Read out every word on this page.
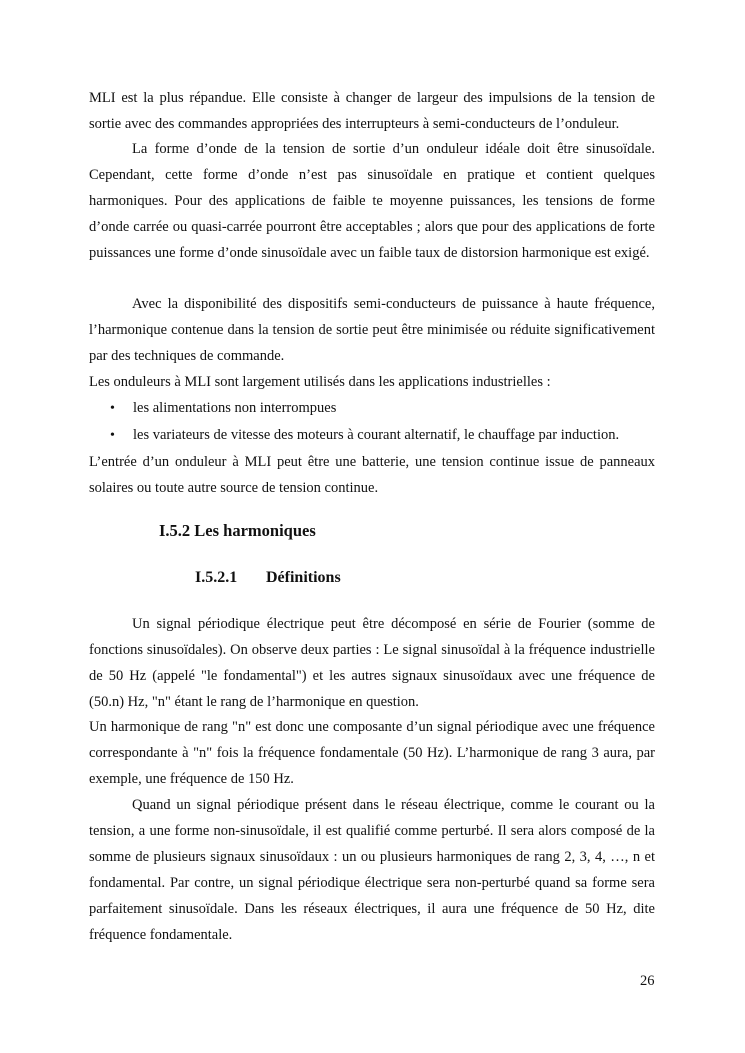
MLI est la plus répandue. Elle consiste à changer de largeur des impulsions de la tension de sortie avec des commandes appropriées des interrupteurs à semi-conducteurs de l’onduleur.

La forme d’onde de la tension de sortie d’un onduleur idéale doit être sinusoïdale. Cependant, cette forme d’onde n’est pas sinusoïdale en pratique et contient quelques harmoniques. Pour des applications de faible te moyenne puissances, les tensions de forme d’onde carrée ou quasi-carrée pourront être acceptables ; alors que pour des applications de forte puissances une forme d’onde sinusoïdale avec un faible taux de distorsion harmonique est exigé.

Avec la disponibilité des dispositifs semi-conducteurs de puissance à haute fréquence, l’harmonique contenue dans la tension de sortie peut être minimisée ou réduite significativement par des techniques de commande.

Les onduleurs à MLI sont largement utilisés dans les applications industrielles :

• les alimentations non interrompues
• les variateurs de vitesse des moteurs à courant alternatif, le chauffage par induction.

L’entrée d’un onduleur à MLI peut être une batterie, une tension continue issue de panneaux solaires ou toute autre source de tension continue.

I.5.2 Les harmoniques
I.5.2.1 Définitions

Un signal périodique électrique peut être décomposé en série de Fourier (somme de fonctions sinusoïdales). On observe deux parties : Le signal sinusoïdal à la fréquence industrielle de 50 Hz (appelé "le fondamental") et les autres signaux sinusoïdaux avec une fréquence de (50.n) Hz, "n" étant le rang de l’harmonique en question.

Un harmonique de rang "n" est donc une composante d’un signal périodique avec une fréquence correspondante à "n" fois la fréquence fondamentale (50 Hz). L’harmonique de rang 3 aura, par exemple, une fréquence de 150 Hz.

Quand un signal périodique présent dans le réseau électrique, comme le courant ou la tension, a une forme non-sinusoïdale, il est qualifié comme perturbé. Il sera alors composé de la somme de plusieurs signaux sinusoïdaux : un ou plusieurs harmoniques de rang 2, 3, 4, …, n et fondamental. Par contre, un signal périodique électrique sera non-perturbé quand sa forme sera parfaitement sinusoïdale. Dans les réseaux électriques, il aura une fréquence de 50 Hz, dite fréquence fondamentale.

26
